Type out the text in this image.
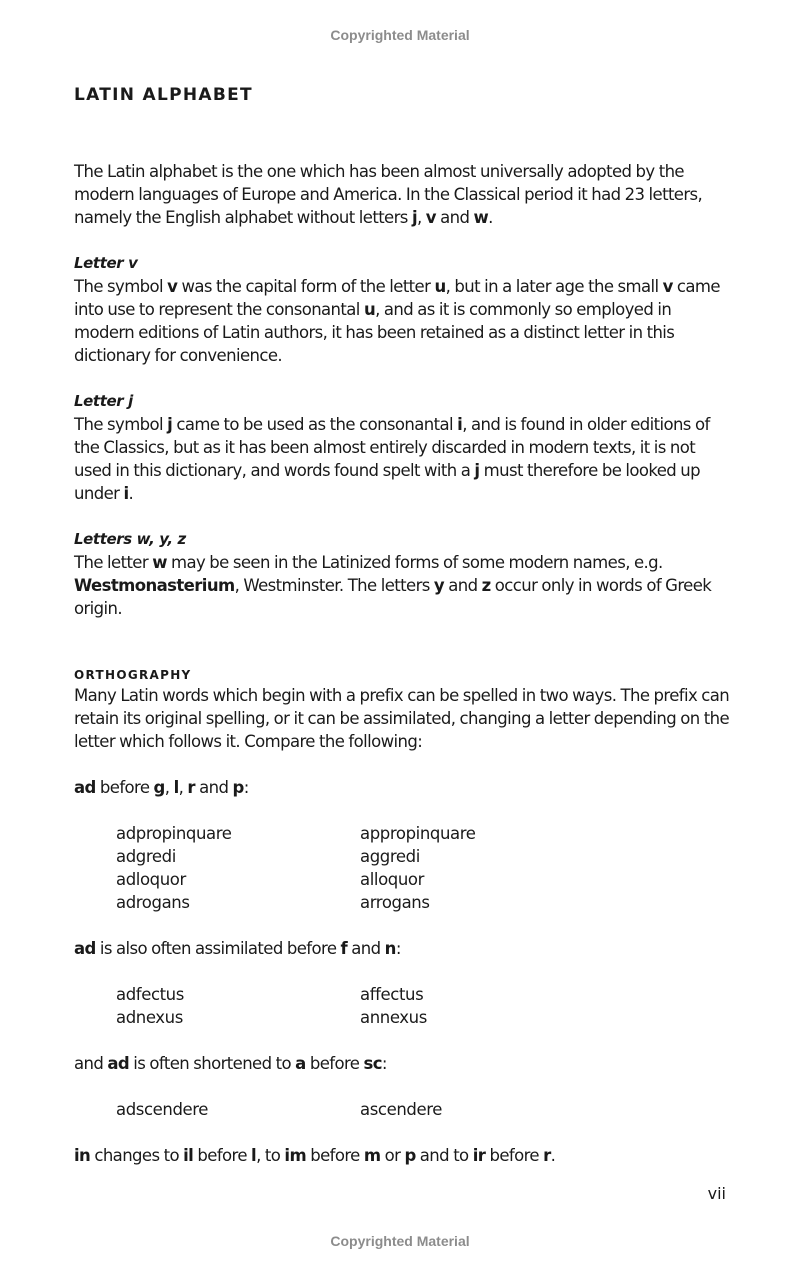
Copyrighted Material
LATIN ALPHABET

The Latin alphabet is the one which has been almost universally adopted by the modern languages of Europe and America. In the Classical period it had 23 letters, namely the English alphabet without letters j, v and w.

Letter v

The symbol v was the capital form of the letter u, but in a later age the small v came into use to represent the consonantal u, and as it is commonly so employed in modern editions of Latin authors, it has been retained as a distinct letter in this dictionary for convenience.

Letter j

The symbol j came to be used as the consonantal i, and is found in older editions of the Classics, but as it has been almost entirely discarded in modern texts, it is not used in this dictionary, and words found spelt with a j must therefore be looked up under i.

Letters w, y, z

The letter w may be seen in the Latinized forms of some modern names, e.g. Westmonasterium, Westminster. The letters y and z occur only in words of Greek origin.

ORTHOGRAPHY

Many Latin words which begin with a prefix can be spelled in two ways. The prefix can retain its original spelling, or it can be assimilated, changing a letter depending on the letter which follows it. Compare the following:

ad before g, l, r and p:

adpropinquare	appropinquare
adgredi	aggredi
adloquor	alloquor
adrogans	arrogans

ad is also often assimilated before f and n:

adfectus	affectus
adnexus	annexus

and ad is often shortened to a before sc:

adscendere	ascendere

in changes to il before l, to im before m or p and to ir before r.

vii
Copyrighted Material
